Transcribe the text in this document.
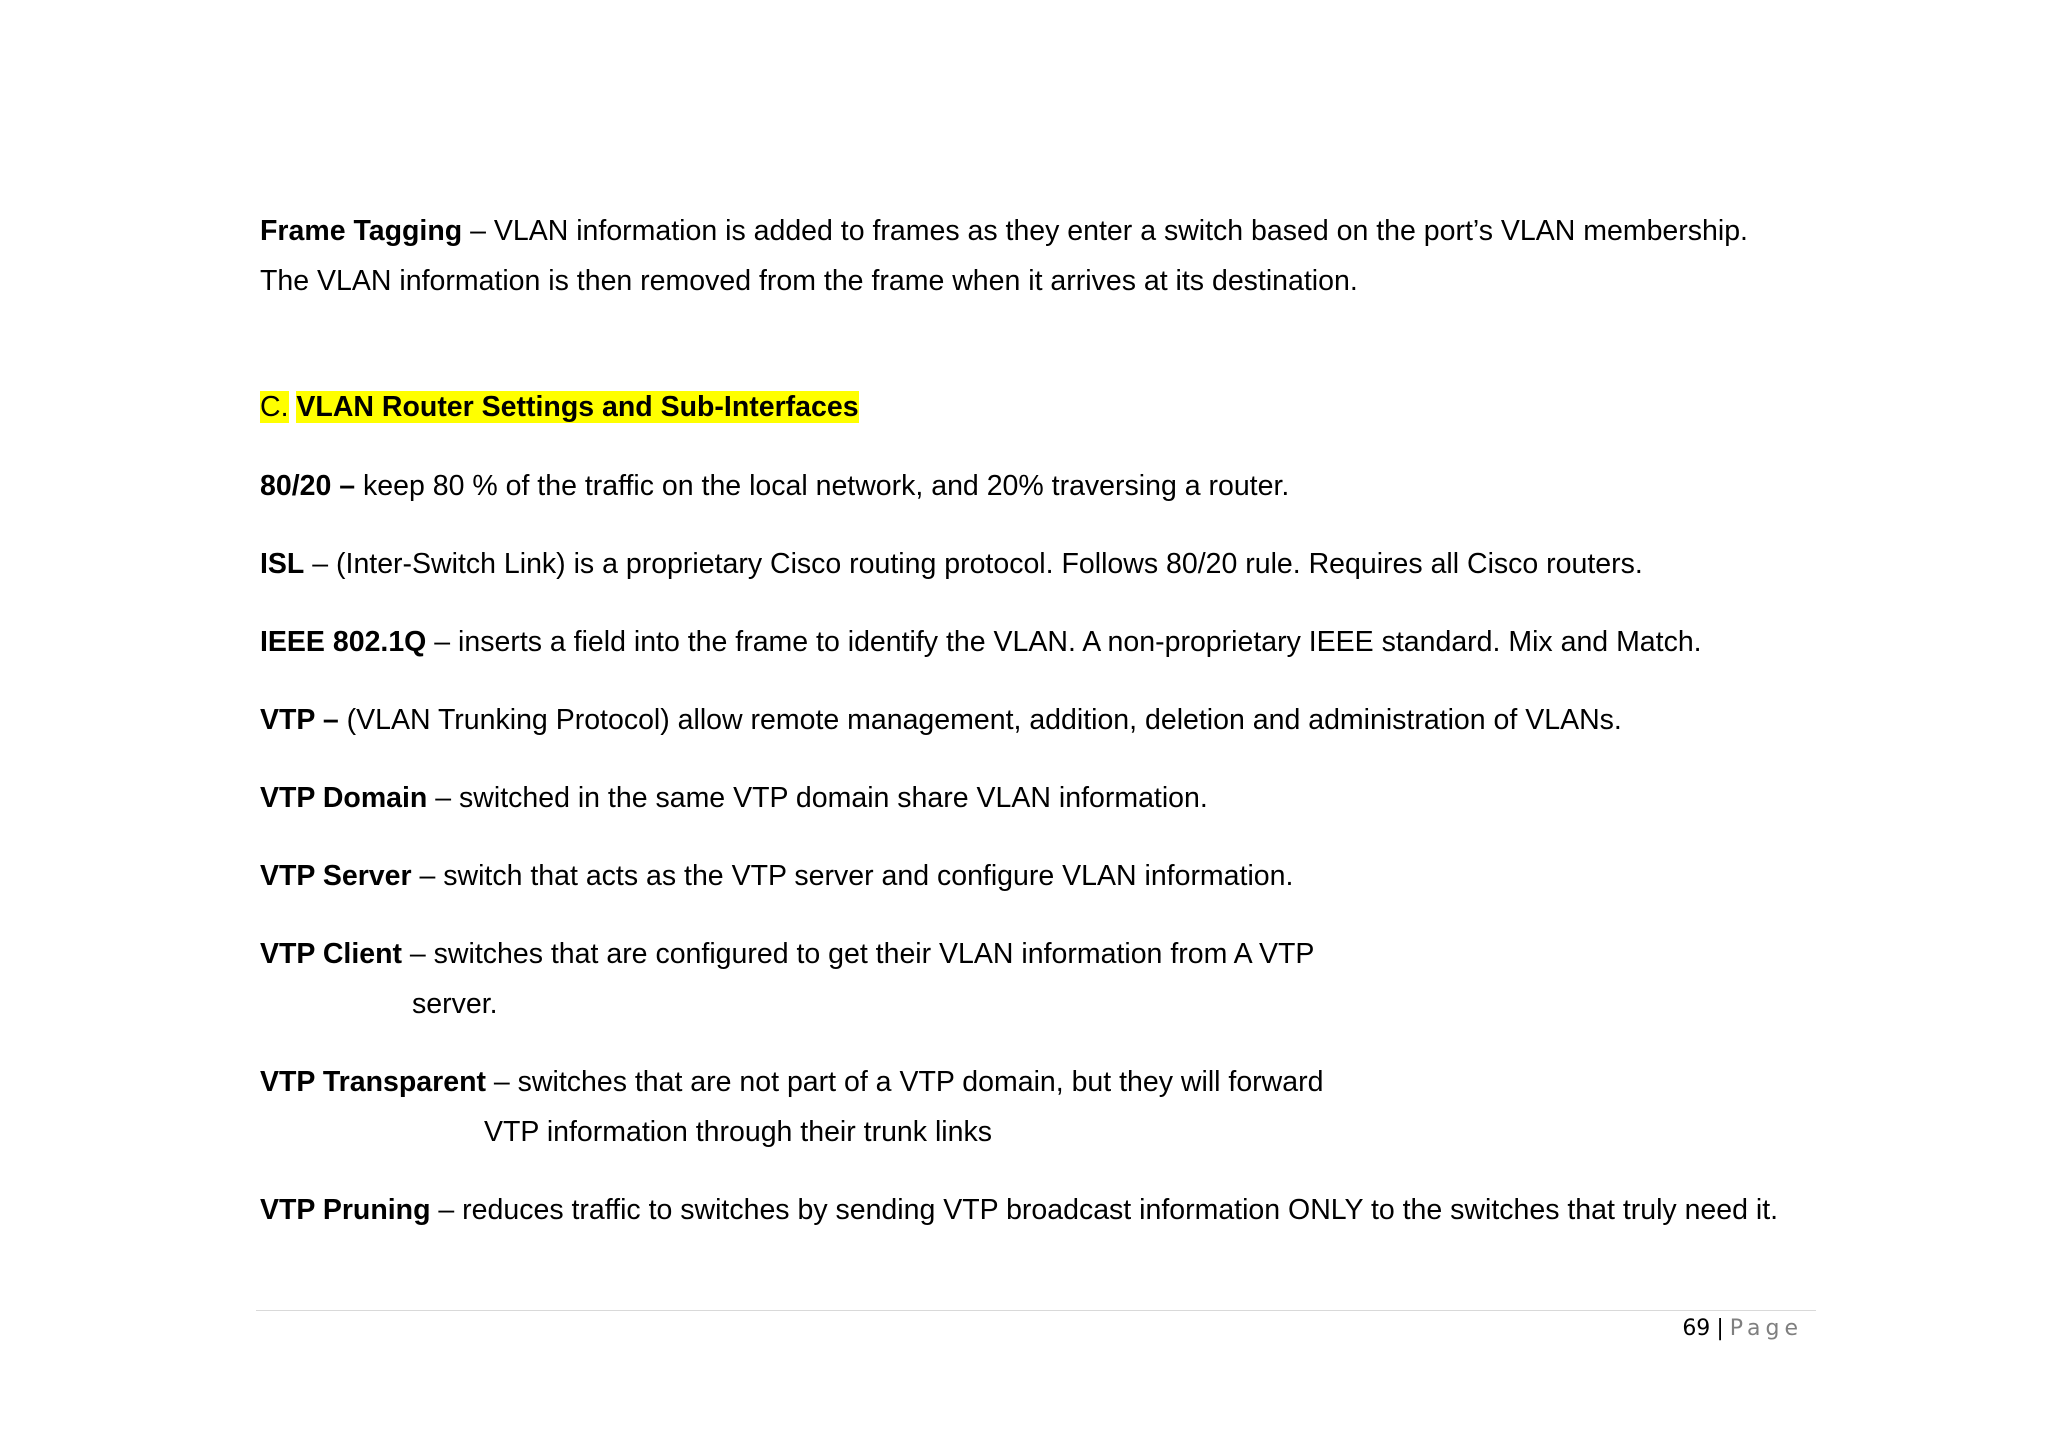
Frame Tagging – VLAN information is added to frames as they enter a switch based on the port’s VLAN membership.
The VLAN information is then removed from the frame when it arrives at its destination.
C. VLAN Router Settings and Sub-Interfaces
80/20 – keep 80 % of the traffic on the local network, and 20% traversing a router.
ISL – (Inter-Switch Link) is a proprietary Cisco routing protocol. Follows 80/20 rule. Requires all Cisco routers.
IEEE 802.1Q – inserts a field into the frame to identify the VLAN. A non-proprietary IEEE standard. Mix and Match.
VTP – (VLAN Trunking Protocol) allow remote management, addition, deletion and administration of VLANs.
VTP Domain – switched in the same VTP domain share VLAN information.
VTP Server – switch that acts as the VTP server and configure VLAN information.
VTP Client – switches that are configured to get their VLAN information from A VTP
server.
VTP Transparent – switches that are not part of a VTP domain, but they will forward
VTP information through their trunk links
VTP Pruning – reduces traffic to switches by sending VTP broadcast information ONLY to the switches that truly need it.
69 | Page
